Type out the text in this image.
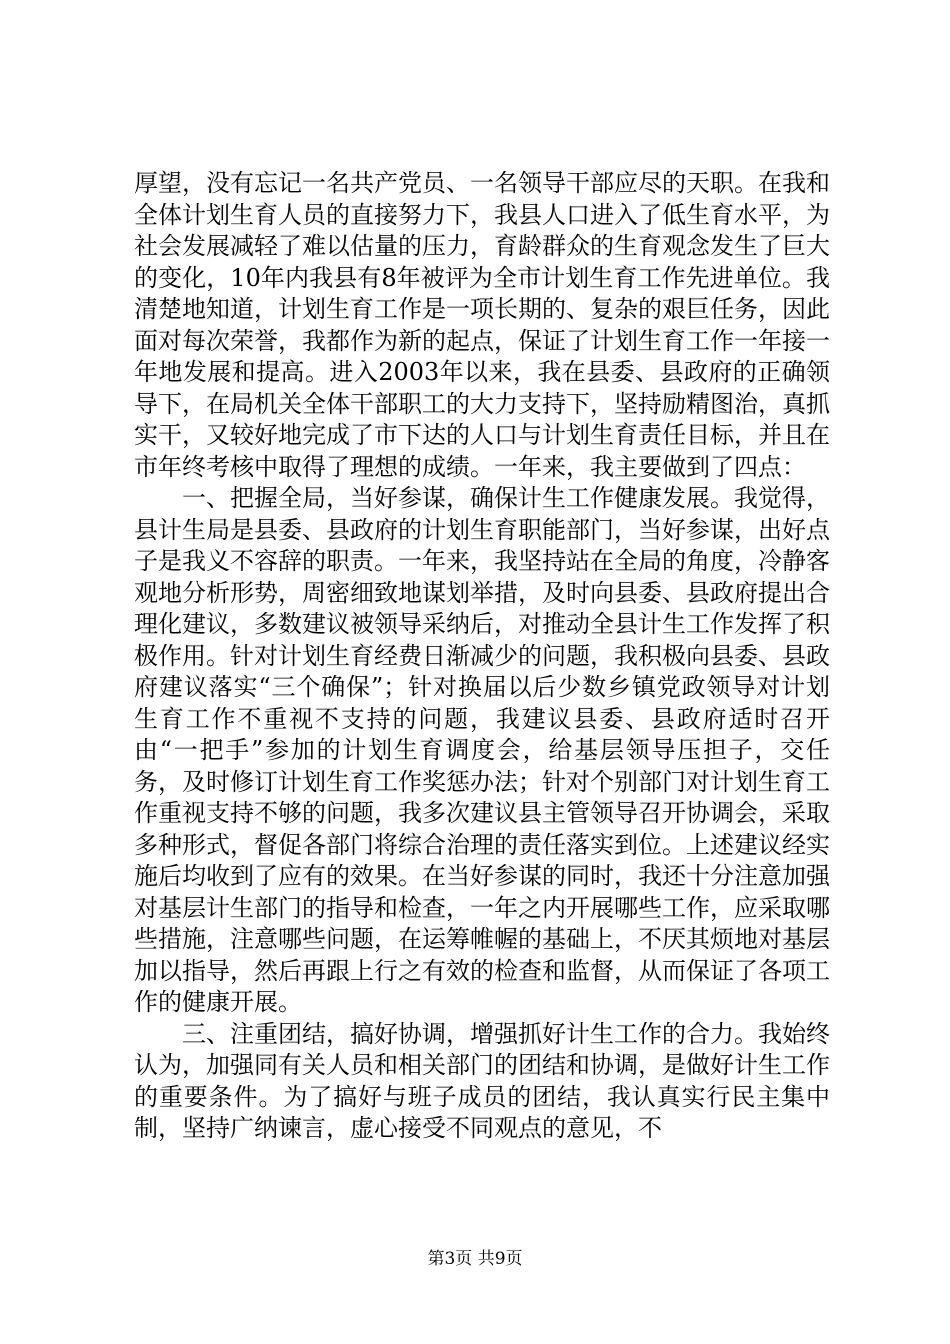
厚望，没有忘记一名共产党员、一名领导干部应尽的天职。在我和全体计划生育人员的直接努力下，我县人口进入了低生育水平，为社会发展减轻了难以估量的压力，育龄群众的生育观念发生了巨大的变化，10年内我县有8年被评为全市计划生育工作先进单位。我清楚地知道，计划生育工作是一项长期的、复杂的艰巨任务，因此面对每次荣誉，我都作为新的起点，保证了计划生育工作一年接一年地发展和提高。进入2003年以来，我在县委、县政府的正确领导下，在局机关全体干部职工的大力支持下，坚持励精图治，真抓实干，又较好地完成了市下达的人口与计划生育责任目标，并且在市年终考核中取得了理想的成绩。一年来，我主要做到了四点：

一、把握全局，当好参谋，确保计生工作健康发展。我觉得，县计生局是县委、县政府的计划生育职能部门，当好参谋，出好点子是我义不容辞的职责。一年来，我坚持站在全局的角度，冷静客观地分析形势，周密细致地谋划举措，及时向县委、县政府提出合理化建议，多数建议被领导采纳后，对推动全县计生工作发挥了积极作用。针对计划生育经费日渐减少的问题，我积极向县委、县政府建议落实“三个确保”；针对换届以后少数乡镇党政领导对计划生育工作不重视不支持的问题，我建议县委、县政府适时召开由“一把手”参加的计划生育调度会，给基层领导压担子，交任务，及时修订计划生育工作奖惩办法；针对个别部门对计划生育工作重视支持不够的问题，我多次建议县主管领导召开协调会，采取多种形式，督促各部门将综合治理的责任落实到位。上述建议经实施后均收到了应有的效果。在当好参谋的同时，我还十分注意加强对基层计生部门的指导和检查，一年之内开展哪些工作，应采取哪些措施，注意哪些问题，在运筹帷幄的基础上，不厌其烦地对基层加以指导，然后再跟上行之有效的检查和监督，从而保证了各项工作的健康开展。

三、注重团结，搞好协调，增强抓好计生工作的合力。我始终认为，加强同有关人员和相关部门的团结和协调，是做好计生工作的重要条件。为了搞好与班子成员的团结，我认真实行民主集中制，坚持广纳谏言，虚心接受不同观点的意见，不

第3页 共9页
